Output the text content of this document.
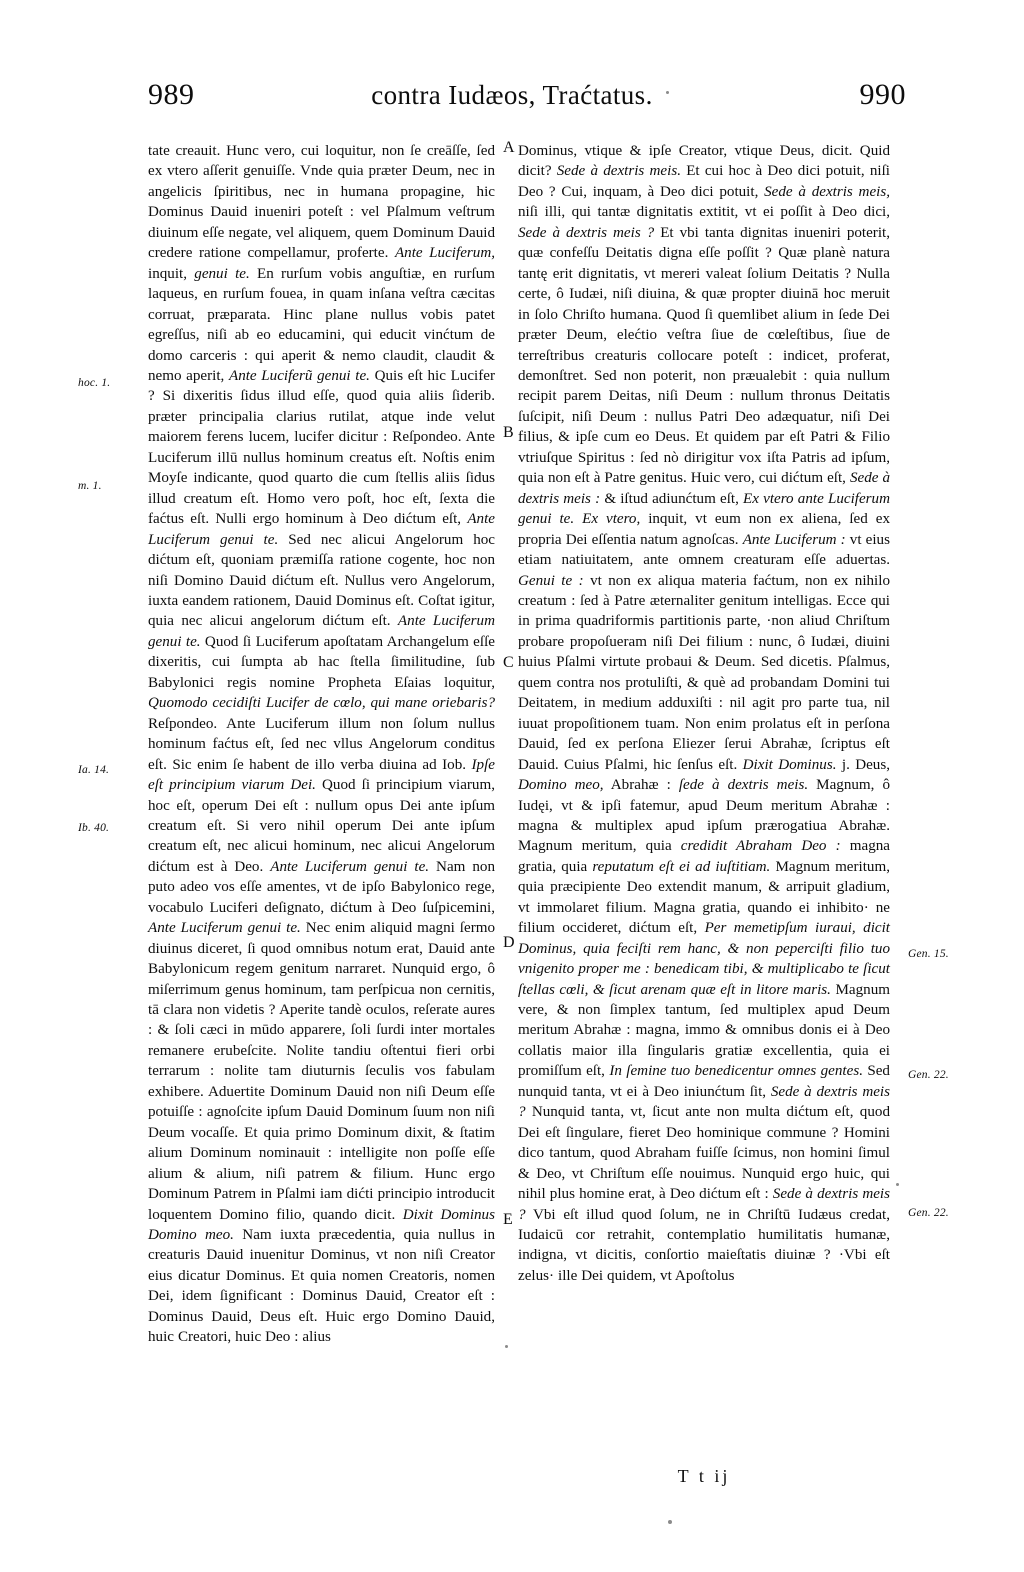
989	contra Iudæos, Traćtatus.	990

tate creauit. Hunc vero, cui loquitur, non ſe creāſſe, ſed ex vtero aſſerit genuiſſe. Vnde quia præter Deum, nec in angelicis ſpiritibus, nec in humana propagine, hic Dominus Dauid inueniri poteſt : vel Pſalmum veſtrum diuinum eſſe negate, vel aliquem, quem Dominum Dauid credere ratione compellamur, proferte. Ante Luciferum, inquit, genui te. En rurſum vobis anguſtiæ, en rurſum laqueus, en rurſum fouea, in quam inſana veſtra cæcitas corruat, præparata. Hinc plane nullus vobis patet egreſſus, niſi ab eo educamini, qui educit vinćtum de domo carceris : qui aperit & nemo claudit, claudit & nemo aperit, Ante Luciferũ genui te. Quis eſt hic Lucifer ? Si dixeritis ſidus illud eſſe, quod quia aliis ſiderib. præter principalia clarius rutilat, atque inde velut maiorem ferens lucem, lucifer dicitur : Reſpondeo. Ante Luciferum illū nullus hominum creatus eſt. Noſtis enim Moyſe indicante, quod quarto die cum ſtellis aliis ſidus illud creatum eſt. Homo vero poſt, hoc eſt, ſexta die faćtus eſt. Nulli ergo hominum à Deo dićtum eſt, Ante Luciferum genui te. Sed nec alicui Angelorum hoc dićtum eſt, quoniam præmiſſa ratione cogente, hoc non niſi Domino Dauid dićtum eſt. Nullus vero Angelorum, iuxta eandem rationem, Dauid Dominus eſt. Coſtat igitur, quia nec alicui angelorum dićtum eſt. Ante Luciferum genui te. Quod ſi Luciferum apoſtatam Archangelum eſſe dixeritis, cui ſumpta ab hac ſtella ſimilitudine, ſub Babylonici regis nomine Propheta Eſaias loquitur, Quomodo cecidiſti Lucifer de cœlo, qui mane oriebaris? Reſpondeo. Ante Luciferum illum non ſolum nullus hominum faćtus eſt, ſed nec vllus Angelorum conditus eſt. Sic enim ſe habent de illo verba diuina ad Iob. Ipſe eſt principium viarum Dei. Quod ſi principium viarum, hoc eſt, operum Dei eſt : nullum opus Dei ante ipſum creatum eſt. Si vero nihil operum Dei ante ipſum creatum eſt, nec alicui hominum, nec alicui Angelorum dićtum est à Deo. Ante Luciferum genui te. Nam non puto adeo vos eſſe amentes, vt de ipſo Babylonico rege, vocabulo Luciferi deſignato, dićtum à Deo ſuſpicemini, Ante Luciferum genui te. Nec enim aliquid magni ſermo diuinus diceret, ſi quod omnibus notum erat, Dauid ante Babylonicum regem genitum narraret. Nunquid ergo, ô miſerrimum genus hominum, tam perſpicua non cernitis, tā clara non videtis ? Aperite tandè oculos, reſerate aures : & ſoli cæci in mūdo apparere, ſoli ſurdi inter mortales remanere erubeſcite. Nolite tandiu oſtentui fieri orbi terrarum : nolite tam diuturnis ſeculis vos fabulam exhibere. Aduertite Dominum Dauid non niſi Deum eſſe potuiſſe : agnoſcite ipſum Dauid Dominum ſuum non niſi Deum vocaſſe. Et quia primo Dominum dixit, & ſtatim alium Dominum nominauit : intelligite non poſſe eſſe alium & alium, niſi patrem & filium. Hunc ergo Dominum Patrem in Pſalmi iam dićti principio introducit loquentem Domino filio, quando dicit. Dixit Dominus Domino meo. Nam iuxta præcedentia, quia nullus in creaturis Dauid inuenitur Dominus, vt non niſi Creator eius dicatur Dominus. Et quia nomen Creatoris, nomen Dei, idem ſignificant : Dominus Dauid, Creator eſt : Dominus Dauid, Deus eſt. Huic ergo Domino Dauid, huic Creatori, huic Deo : alius

Dominus, vtique & ipſe Creator, vtique Deus, dicit. Quid dicit? Sede à dextris meis. Et cui hoc à Deo dici potuit, niſi Deo ? Cui, inquam, à Deo dici potuit, Sede à dextris meis, niſi illi, qui tantæ dignitatis extitit, vt ei poſſit à Deo dici, Sede à dextris meis ? Et vbi tanta dignitas inueniri poterit, quæ confeſſu Deitatis digna eſſe poſſit ? Quæ planè natura tantę erit dignitatis, vt mereri valeat ſolium Deitatis ? Nulla certe, ô Iudæi, niſi diuina, & quæ propter diuinā hoc meruit in ſolo Chriſto humana. Quod ſi quemlibet alium in ſede Dei præter Deum, elećtio veſtra ſiue de cœleſtibus, ſiue de terreſtribus creaturis collocare poteſt : indicet, proferat, demonſtret. Sed non poterit, non præualebit : quia nullum recipit parem Deitas, niſi Deum : nullum thronus Deitatis ſuſcipit, niſi Deum : nullus Patri Deo adæquatur, niſi Dei filius, & ipſe cum eo Deus. Et quidem par eſt Patri & Filio vtriuſque Spiritus : ſed nò dirigitur vox iſta Patris ad ipſum, quia non eſt à Patre genitus. Huic vero, cui dićtum eſt, Sede à dextris meis : & iſtud adiunćtum eſt, Ex vtero ante Luciferum genui te. Ex vtero, inquit, vt eum non ex aliena, ſed ex propria Dei eſſentia natum agnoſcas. Ante Luciferum : vt eius etiam natiuitatem, ante omnem creaturam eſſe aduertas. Genui te : vt non ex aliqua materia faćtum, non ex nihilo creatum : ſed à Patre æternaliter genitum intelligas. Ecce qui in prima quadriformis partitionis parte, ·non aliud Chriſtum probare propoſueram niſi Dei filium : nunc, ô Iudæi, diuini huius Pſalmi virtute probaui & Deum. Sed dicetis. Pſalmus, quem contra nos protuliſti, & què ad probandam Domini tui Deitatem, in medium adduxiſti : nil agit pro parte tua, nil iuuat propoſitionem tuam. Non enim prolatus eſt in perſona Dauid, ſed ex perſona Eliezer ſerui Abrahæ, ſcriptus eſt Dauid. Cuius Pſalmi, hic ſenſus eſt. Dixit Dominus. j. Deus, Domino meo, Abrahæ : ſede à dextris meis. Magnum, ô Iudęi, vt & ipſi fatemur, apud Deum meritum Abrahæ : magna & multiplex apud ipſum prærogatiua Abrahæ. Magnum meritum, quia credidit Abraham Deo : magna gratia, quia reputatum eſt ei ad iuſtitiam. Magnum meritum, quia præcipiente Deo extendit manum, & arripuit gladium, vt immolaret filium. Magna gratia, quando ei inhibito· ne filium occideret, dićtum eſt, Per memetipſum iuraui, dicit Dominus, quia feciſti rem hanc, & non peperciſti filio tuo vnigenito proper me : benedicam tibi, & multiplicabo te ſicut ſtellas cœli, & ſicut arenam quæ eſt in litore maris. Magnum vere, & non ſimplex tantum, ſed multiplex apud Deum meritum Abrahæ : magna, immo & omnibus donis ei à Deo collatis maior illa ſingularis gratiæ excellentia, quia ei promiſſum eſt, In ſemine tuo benedicentur omnes gentes. Sed nunquid tanta, vt ei à Deo iniunćtum ſit, Sede à dextris meis ? Nunquid tanta, vt, ſicut ante non multa dićtum eſt, quod Dei eſt ſingulare, fieret Deo hominique commune ? Homini dico tantum, quod Abraham fuiſſe ſcimus, non homini ſimul & Deo, vt Chriſtum eſſe nouimus. Nunquid ergo huic, qui nihil plus homine erat, à Deo dićtum eſt : Sede à dextris meis ? Vbi eſt illud quod ſolum, ne in Chriſtū Iudæus credat, Iudaicū cor retrahit, contemplatio humilitatis humanæ, indigna, vt dicitis, conſortio maieſtatis diuinæ ? ·Vbi eſt zelus· ille Dei quidem, vt Apoſtolus

A
B
C
D
E
hoc. 1.
m. 1.
Ia. 14.
Ib. 40.
Gen. 15.
Gen. 22.
Gen. 22.
T t ij
